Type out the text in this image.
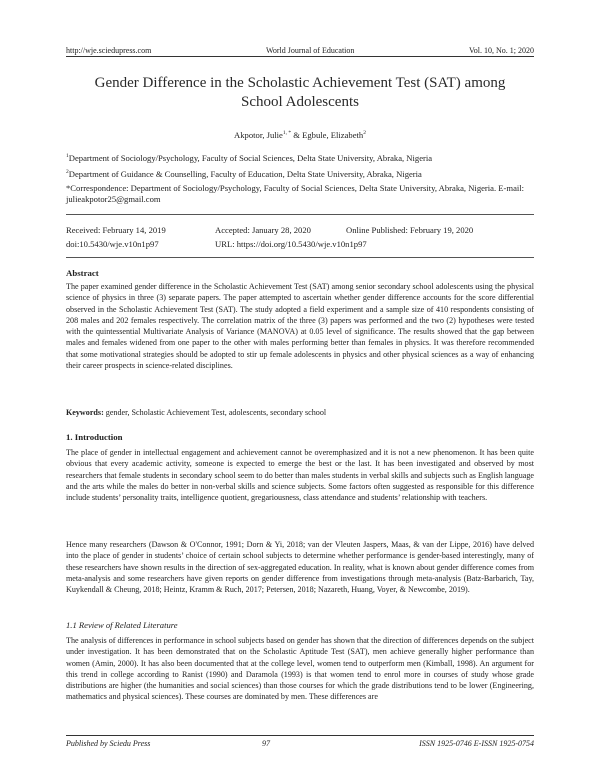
http://wje.sciedupress.com	World Journal of Education	Vol. 10, No. 1; 2020
Gender Difference in the Scholastic Achievement Test (SAT) among
School Adolescents
Akpotor, Julie$^{1, *}$ & Egbule, Elizabeth$^2$
$^1$Department of Sociology/Psychology, Faculty of Social Sciences, Delta State University, Abraka, Nigeria
$^2$Department of Guidance & Counselling, Faculty of Education, Delta State University, Abraka, Nigeria
*Correspondence: Department of Sociology/Psychology, Faculty of Social Sciences, Delta State University, Abraka, Nigeria. E-mail: julieakpotor25@gmail.com
Received: February 14, 2019	Accepted: January 28, 2020	Online Published: February 19, 2020
doi:10.5430/wje.v10n1p97	URL: https://doi.org/10.5430/wje.v10n1p97
Abstract
The paper examined gender difference in the Scholastic Achievement Test (SAT) among senior secondary school adolescents using the physical science of physics in three (3) separate papers. The paper attempted to ascertain whether gender difference accounts for the score differential observed in the Scholastic Achievement Test (SAT). The study adopted a field experiment and a sample size of 410 respondents consisting of 208 males and 202 females respectively. The correlation matrix of the three (3) papers was performed and the two (2) hypotheses were tested with the quintessential Multivariate Analysis of Variance (MANOVA) at 0.05 level of significance. The results showed that the gap between males and females widened from one paper to the other with males performing better than females in physics. It was therefore recommended that some motivational strategies should be adopted to stir up female adolescents in physics and other physical sciences as a way of enhancing their career prospects in science-related disciplines.
Keywords: gender, Scholastic Achievement Test, adolescents, secondary school
1. Introduction
The place of gender in intellectual engagement and achievement cannot be overemphasized and it is not a new phenomenon. It has been quite obvious that every academic activity, someone is expected to emerge the best or the last. It has been investigated and observed by most researchers that female students in secondary school seem to do better than males students in verbal skills and subjects such as English language and the arts while the males do better in non-verbal skills and science subjects. Some factors often suggested as responsible for this difference include students’ personality traits, intelligence quotient, gregariousness, class attendance and students’ relationship with teachers.
Hence many researchers (Dawson & O'Connor, 1991; Dorn & Yi, 2018; van der Vleuten Jaspers, Maas, & van der Lippe, 2016) have delved into the place of gender in students’ choice of certain school subjects to determine whether performance is gender-based interestingly, many of these researchers have shown results in the direction of sex-aggregated education. In reality, what is known about gender difference comes from meta-analysis and some researchers have given reports on gender difference from investigations through meta-analysis (Batz-Barbarich, Tay, Kuykendall & Cheung, 2018; Heintz, Kramm & Ruch, 2017; Petersen, 2018; Nazareth, Huang, Voyer, & Newcombe, 2019).
1.1 Review of Related Literature
The analysis of differences in performance in school subjects based on gender has shown that the direction of differences depends on the subject under investigation. It has been demonstrated that on the Scholastic Aptitude Test (SAT), men achieve generally higher performance than women (Amin, 2000). It has also been documented that at the college level, women tend to outperform men (Kimball, 1998). An argument for this trend in college according to Ranist (1990) and Daramola (1993) is that women tend to enrol more in courses of study whose grade distributions are higher (the humanities and social sciences) than those courses for which the grade distributions tend to be lower (Engineering, mathematics and physical sciences). These courses are dominated by men. These differences are
Published by Sciedu Press	97	ISSN 1925-0746 E-ISSN 1925-0754
